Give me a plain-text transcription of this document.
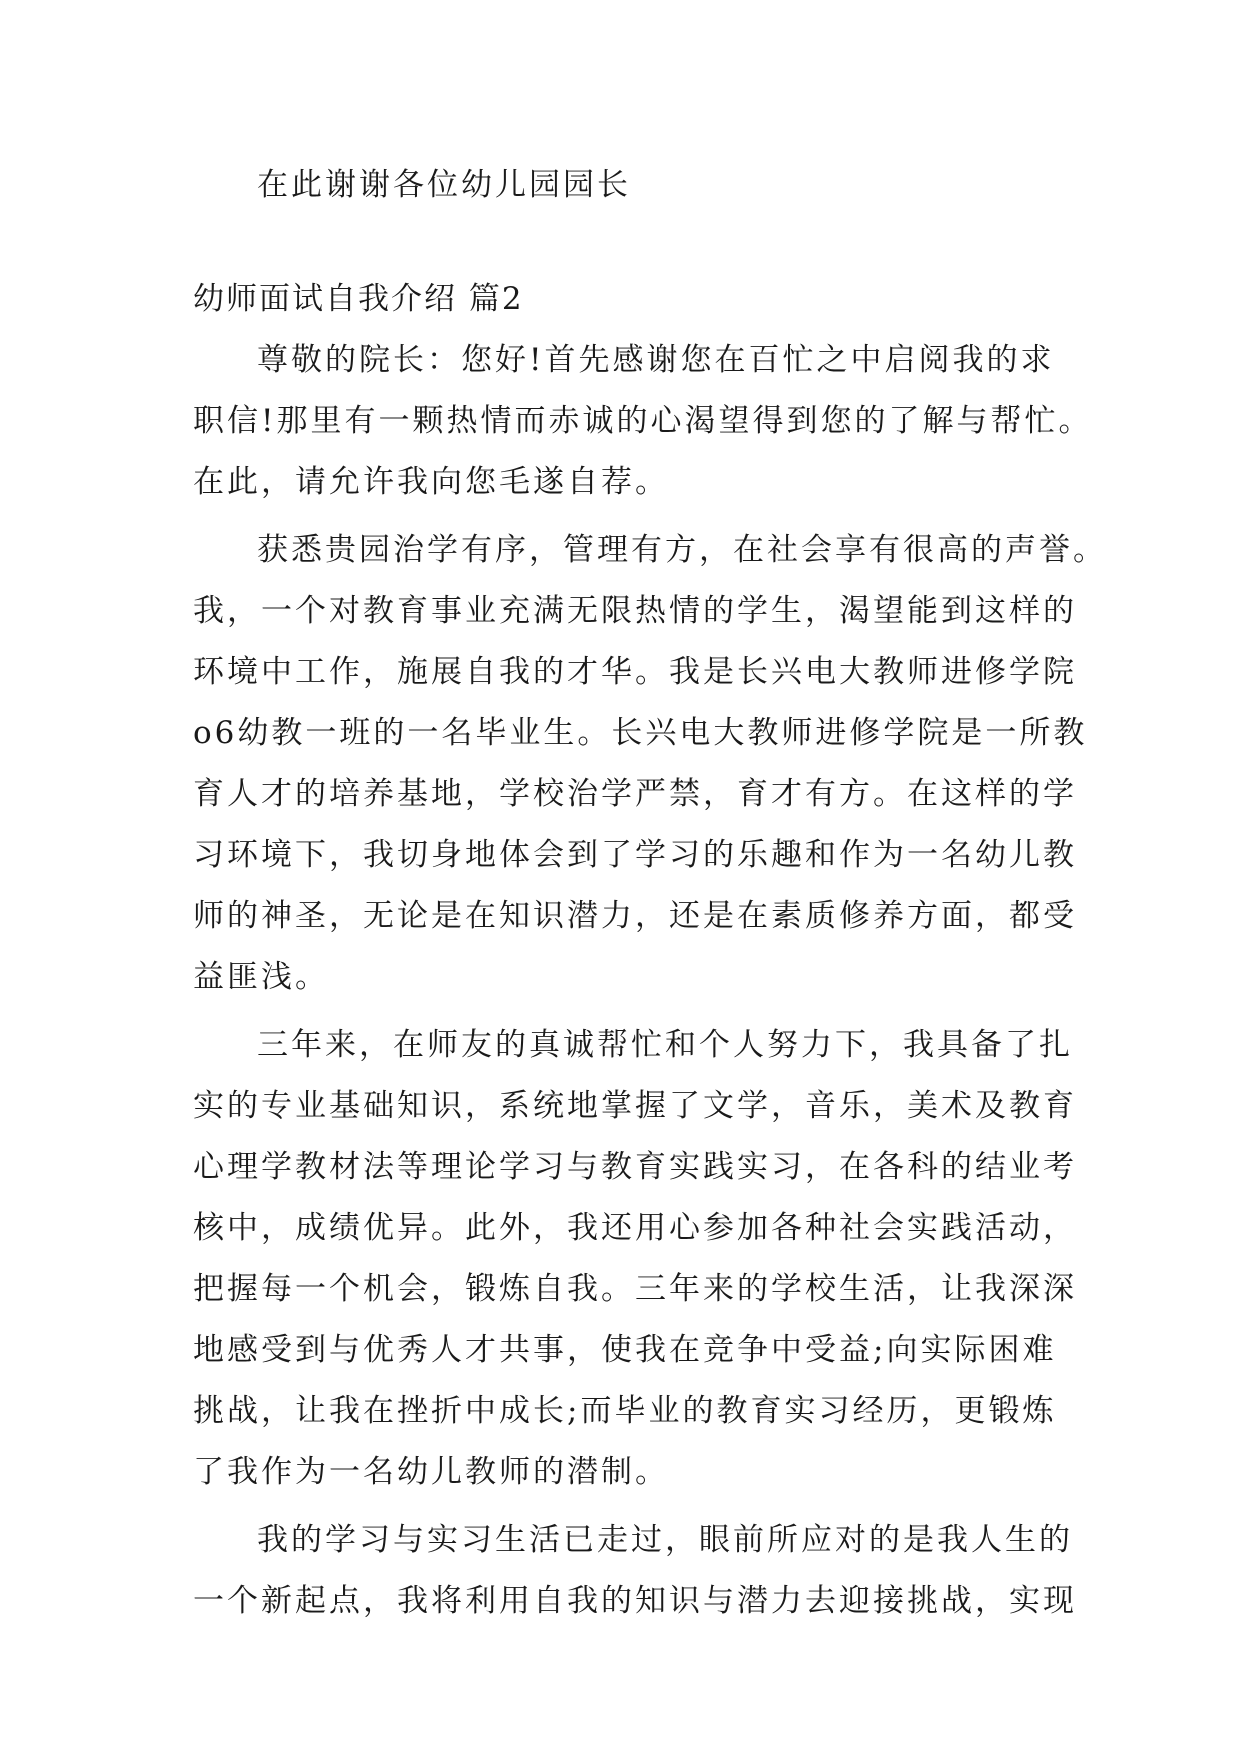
在此谢谢各位幼儿园园长

幼师面试自我介绍 篇2

尊敬的院长：您好!首先感谢您在百忙之中启阅我的求

职信!那里有一颗热情而赤诚的心渴望得到您的了解与帮忙。

在此，请允许我向您毛遂自荐。

获悉贵园治学有序，管理有方，在社会享有很高的声誉。

我，一个对教育事业充满无限热情的学生，渴望能到这样的

环境中工作，施展自我的才华。我是长兴电大教师进修学院

o6幼教一班的一名毕业生。长兴电大教师进修学院是一所教

育人才的培养基地，学校治学严禁，育才有方。在这样的学

习环境下，我切身地体会到了学习的乐趣和作为一名幼儿教

师的神圣，无论是在知识潜力，还是在素质修养方面，都受

益匪浅。

三年来，在师友的真诚帮忙和个人努力下，我具备了扎

实的专业基础知识，系统地掌握了文学，音乐，美术及教育

心理学教材法等理论学习与教育实践实习，在各科的结业考

核中，成绩优异。此外，我还用心参加各种社会实践活动，

把握每一个机会，锻炼自我。三年来的学校生活，让我深深

地感受到与优秀人才共事，使我在竞争中受益;向实际困难

挑战，让我在挫折中成长;而毕业的教育实习经历，更锻炼

了我作为一名幼儿教师的潜制。

我的学习与实习生活已走过，眼前所应对的是我人生的

一个新起点，我将利用自我的知识与潜力去迎接挑战，实现
